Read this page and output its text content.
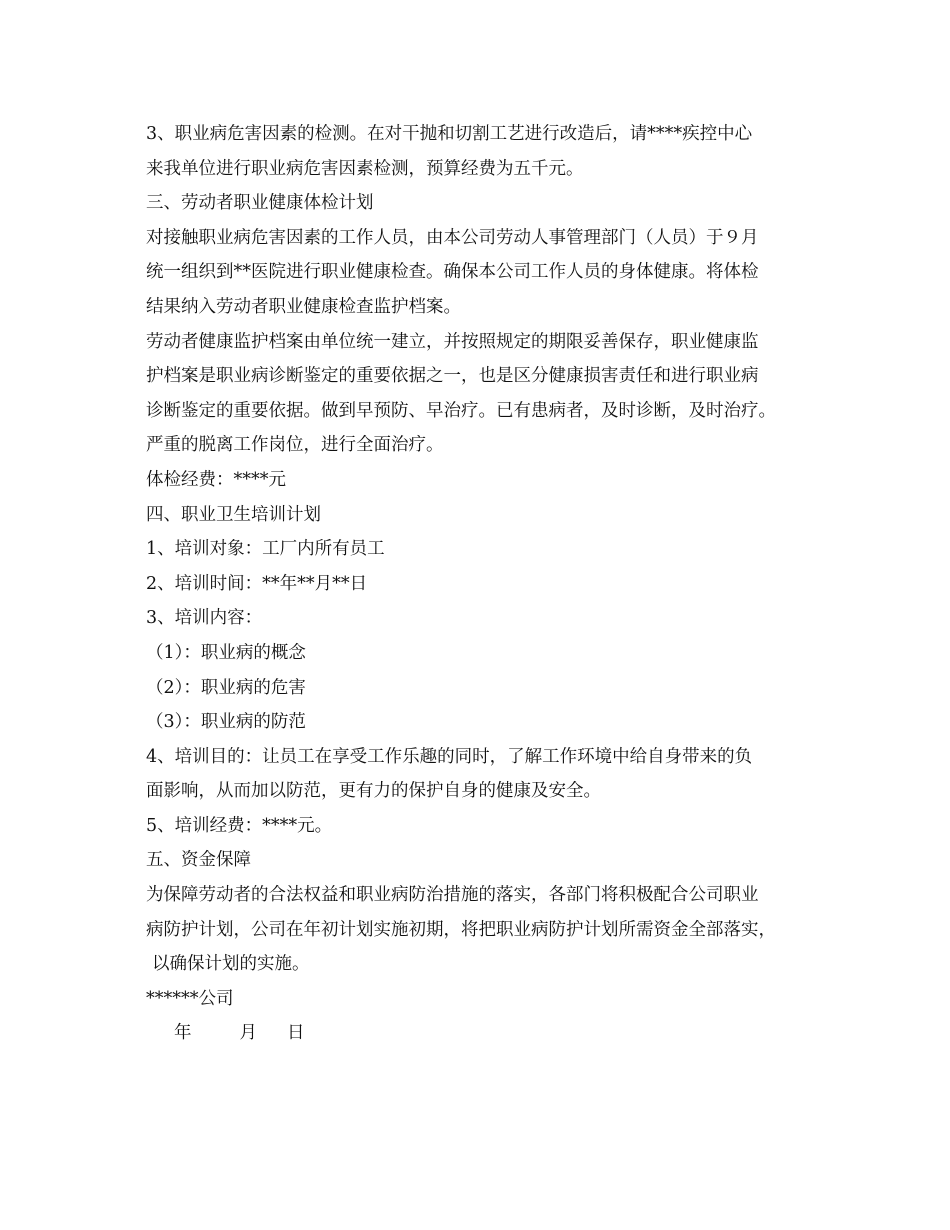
3、职业病危害因素的检测。在对干抛和切割工艺进行改造后，请****疾控中心
来我单位进行职业病危害因素检测，预算经费为五千元。
三、劳动者职业健康体检计划
对接触职业病危害因素的工作人员，由本公司劳动人事管理部门（人员）于９月
统一组织到**医院进行职业健康检查。确保本公司工作人员的身体健康。将体检
结果纳入劳动者职业健康检查监护档案。
劳动者健康监护档案由单位统一建立，并按照规定的期限妥善保存，职业健康监
护档案是职业病诊断鉴定的重要依据之一，也是区分健康损害责任和进行职业病
诊断鉴定的重要依据。做到早预防、早治疗。已有患病者，及时诊断，及时治疗。
严重的脱离工作岗位，进行全面治疗。
体检经费：****元
四、职业卫生培训计划
1、培训对象：工厂内所有员工
2、培训时间：**年**月**日
3、培训内容：
（1）：职业病的概念
（2）：职业病的危害
（3）：职业病的防范
4、培训目的：让员工在享受工作乐趣的同时，了解工作环境中给自身带来的负
面影响，从而加以防范，更有力的保护自身的健康及安全。
5、培训经费：****元。
五、资金保障
为保障劳动者的合法权益和职业病防治措施的落实，各部门将积极配合公司职业
病防护计划，公司在年初计划实施初期，将把职业病防护计划所需资金全部落实，
以确保计划的实施。
******公司
年	月 日
